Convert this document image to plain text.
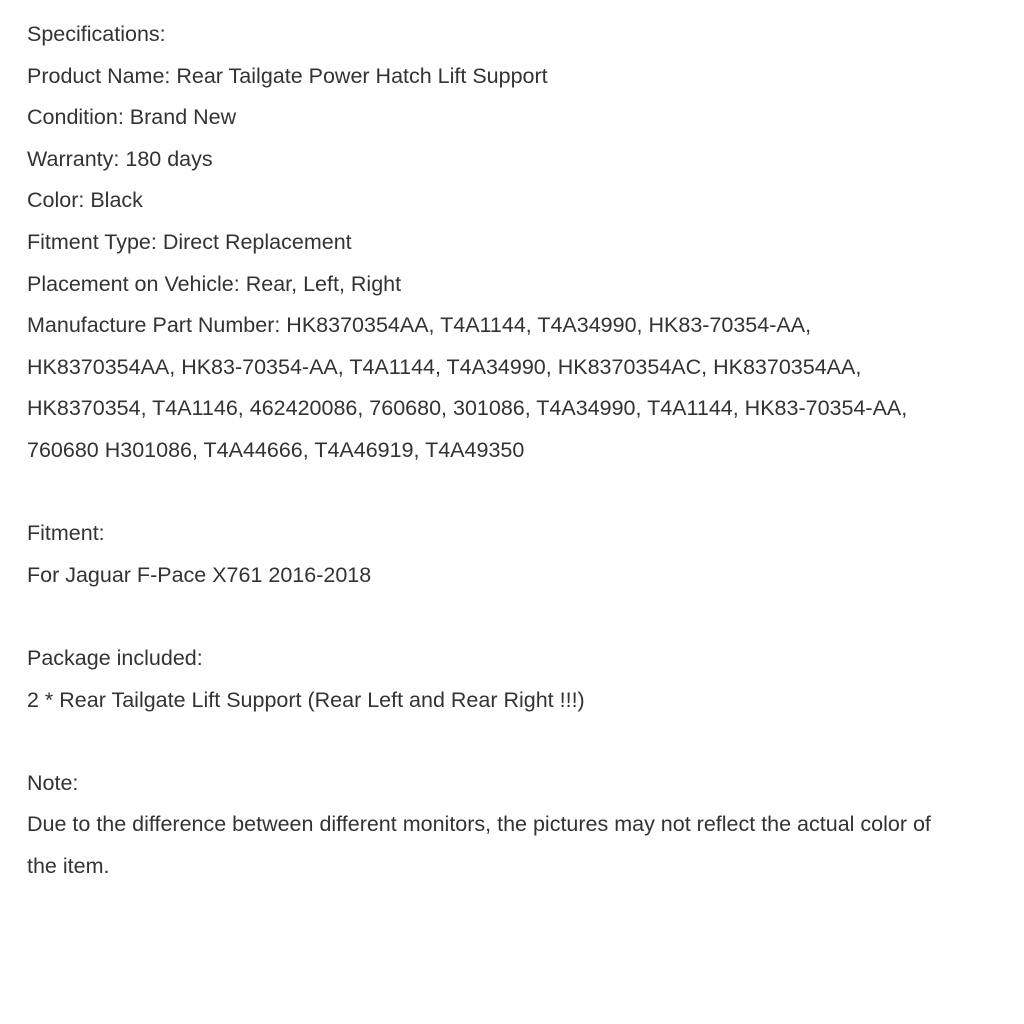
Specifications:
Product Name: Rear Tailgate Power Hatch Lift Support
Condition: Brand New
Warranty: 180 days
Color: Black
Fitment Type: Direct Replacement
Placement on Vehicle: Rear, Left, Right
Manufacture Part Number: HK8370354AA, T4A1144, T4A34990, HK83-70354-AA,
HK8370354AA, HK83-70354-AA, T4A1144, T4A34990, HK8370354AC, HK8370354AA,
HK8370354, T4A1146, 462420086, 760680, 301086, T4A34990, T4A1144, HK83-70354-AA,
760680 H301086, T4A44666, T4A46919, T4A49350
Fitment:
For Jaguar F-Pace X761 2016-2018
Package included:
2 * Rear Tailgate Lift Support (Rear Left and Rear Right !!!)
Note:
Due to the difference between different monitors, the pictures may not reflect the actual color of
the item.
